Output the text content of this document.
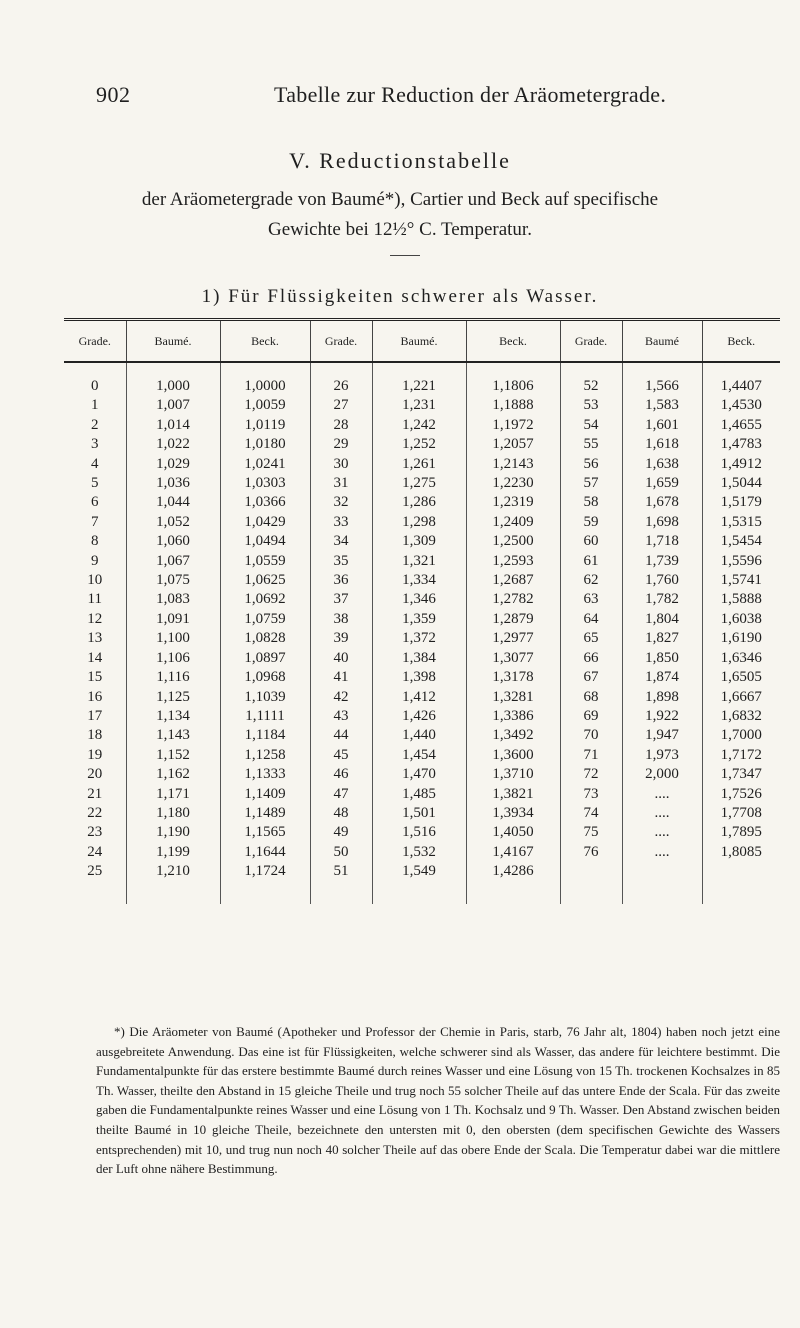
902	Tabelle zur Reduction der Aräometergrade.
V. Reductionstabelle
der Aräometergrade von Baumé*), Cartier und Beck auf specifische
Gewichte bei 12½° C. Temperatur.
1) Für Flüssigkeiten schwerer als Wasser.
Grade.	Baumé.	Beck.	Grade.	Baumé.	Beck.	Grade.	Baumé	Beck.

0	1,000	1,0000	26	1,221	1,1806	52	1,566	1,4407
1	1,007	1,0059	27	1,231	1,1888	53	1,583	1,4530
2	1,014	1,0119	28	1,242	1,1972	54	1,601	1,4655
3	1,022	1,0180	29	1,252	1,2057	55	1,618	1,4783
4	1,029	1,0241	30	1,261	1,2143	56	1,638	1,4912
5	1,036	1,0303	31	1,275	1,2230	57	1,659	1,5044
6	1,044	1,0366	32	1,286	1,2319	58	1,678	1,5179
7	1,052	1,0429	33	1,298	1,2409	59	1,698	1,5315
8	1,060	1,0494	34	1,309	1,2500	60	1,718	1,5454
9	1,067	1,0559	35	1,321	1,2593	61	1,739	1,5596
10	1,075	1,0625	36	1,334	1,2687	62	1,760	1,5741
11	1,083	1,0692	37	1,346	1,2782	63	1,782	1,5888
12	1,091	1,0759	38	1,359	1,2879	64	1,804	1,6038
13	1,100	1,0828	39	1,372	1,2977	65	1,827	1,6190
14	1,106	1,0897	40	1,384	1,3077	66	1,850	1,6346
15	1,116	1,0968	41	1,398	1,3178	67	1,874	1,6505
16	1,125	1,1039	42	1,412	1,3281	68	1,898	1,6667
17	1,134	1,1111	43	1,426	1,3386	69	1,922	1,6832
18	1,143	1,1184	44	1,440	1,3492	70	1,947	1,7000
19	1,152	1,1258	45	1,454	1,3600	71	1,973	1,7172
20	1,162	1,1333	46	1,470	1,3710	72	2,000	1,7347
21	1,171	1,1409	47	1,485	1,3821	73	....	1,7526
22	1,180	1,1489	48	1,501	1,3934	74	....	1,7708
23	1,190	1,1565	49	1,516	1,4050	75	....	1,7895
24	1,199	1,1644	50	1,532	1,4167	76	....	1,8085
25	1,210	1,1724	51	1,549	1,4286			

*) Die Aräometer von Baumé (Apotheker und Professor der Chemie in Paris, starb, 76 Jahr alt, 1804) haben noch jetzt eine ausgebreitete Anwendung. Das eine ist für Flüssigkeiten, welche schwerer sind als Wasser, das andere für leichtere bestimmt. Die Fundamentalpunkte für das erstere bestimmte Baumé durch reines Wasser und eine Lösung von 15 Th. trockenen Kochsalzes in 85 Th. Wasser, theilte den Abstand in 15 gleiche Theile und trug noch 55 solcher Theile auf das untere Ende der Scala. Für das zweite gaben die Fundamentalpunkte reines Wasser und eine Lösung von 1 Th. Kochsalz und 9 Th. Wasser. Den Abstand zwischen beiden theilte Baumé in 10 gleiche Theile, bezeichnete den untersten mit 0, den obersten (dem specifischen Gewichte des Wassers entsprechenden) mit 10, und trug nun noch 40 solcher Theile auf das obere Ende der Scala. Die Temperatur dabei war die mittlere der Luft ohne nähere Bestimmung.
